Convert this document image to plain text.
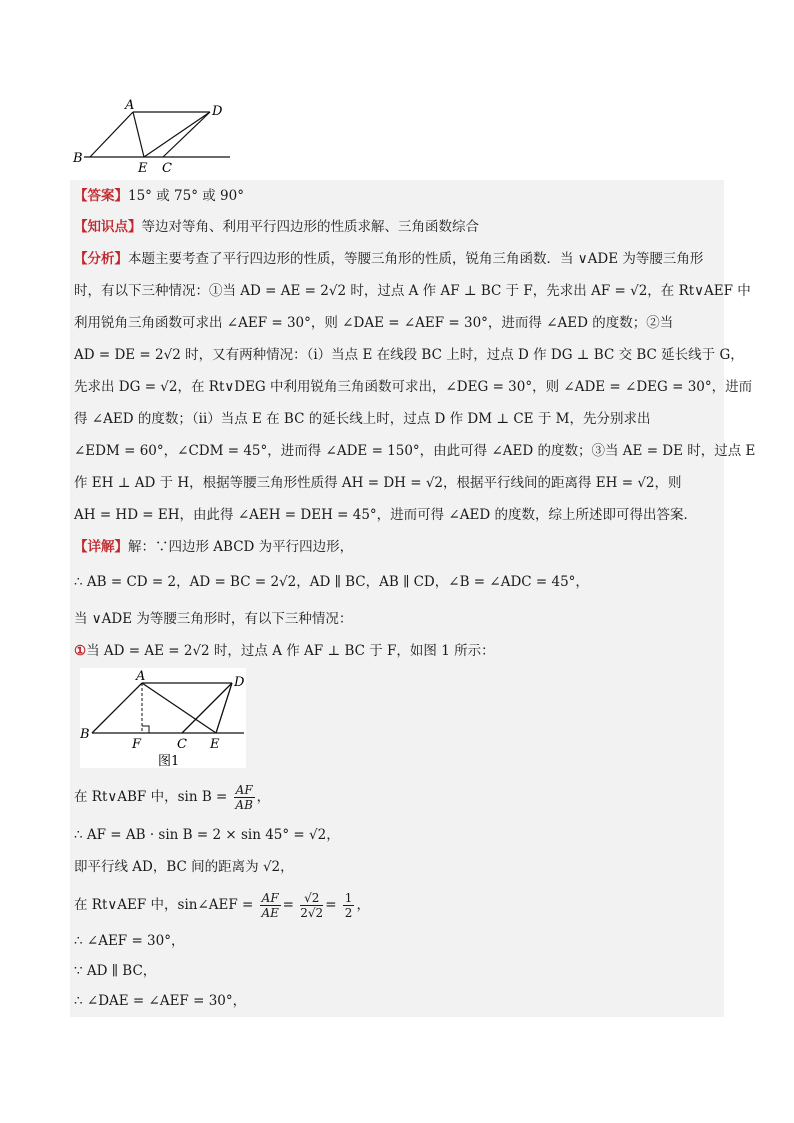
A	D
B
E C
【答案】15° 或 75° 或 90°
【知识点】等边对等角、利用平行四边形的性质求解、三角函数综合
【分析】本题主要考查了平行四边形的性质，等腰三角形的性质，锐角三角函数．当 ∨ADE 为等腰三角形
时，有以下三种情况：①当 AD = AE = 2√2 时，过点 A 作 AF ⊥ BC 于 F，先求出 AF = √2，在 Rt∨AEF 中
利用锐角三角函数可求出 ∠AEF = 30°，则 ∠DAE = ∠AEF = 30°，进而得 ∠AED 的度数；②当
AD = DE = 2√2 时，又有两种情况：（ⅰ）当点 E 在线段 BC 上时，过点 D 作 DG ⊥ BC 交 BC 延长线于 G，
先求出 DG = √2，在 Rt∨DEG 中利用锐角三角函数可求出，∠DEG = 30°，则 ∠ADE = ∠DEG = 30°，进而
得 ∠AED 的度数；（ⅱ）当点 E 在 BC 的延长线上时，过点 D 作 DM ⊥ CE 于 M，先分别求出
∠EDM = 60°，∠CDM = 45°，进而得 ∠ADE = 150°，由此可得 ∠AED 的度数；③当 AE = DE 时，过点 E
作 EH ⊥ AD 于 H，根据等腰三角形性质得 AH = DH = √2，根据平行线间的距离得 EH = √2，则
AH = HD = EH，由此得 ∠AEH = DEH = 45°，进而可得 ∠AED 的度数，综上所述即可得出答案．
【详解】解：∵四边形 ABCD 为平行四边形，
∴ AB = CD = 2，AD = BC = 2√2，AD ∥ BC，AB ∥ CD，∠B = ∠ADC = 45°，
当 ∨ADE 为等腰三角形时，有以下三种情况：
①当 AD = AE = 2√2 时，过点 A 作 AF ⊥ BC 于 F，如图 1 所示：
A	D
B
F	C E
图1
在 Rt∨ABF 中，$\sin B = \frac{AF}{AB}$ ，
∴ AF = AB · sin B = 2 × sin 45° = √2，
即平行线 AD，BC 间的距离为 √2，
在 Rt∨AEF 中，sin∠AEF = $\frac{AF}{AE} = \frac{√2}{2√2} = \frac{1}{2}$ ，
∴ ∠AEF = 30°，
∵ AD ∥ BC，
∴ ∠DAE = ∠AEF = 30°，
